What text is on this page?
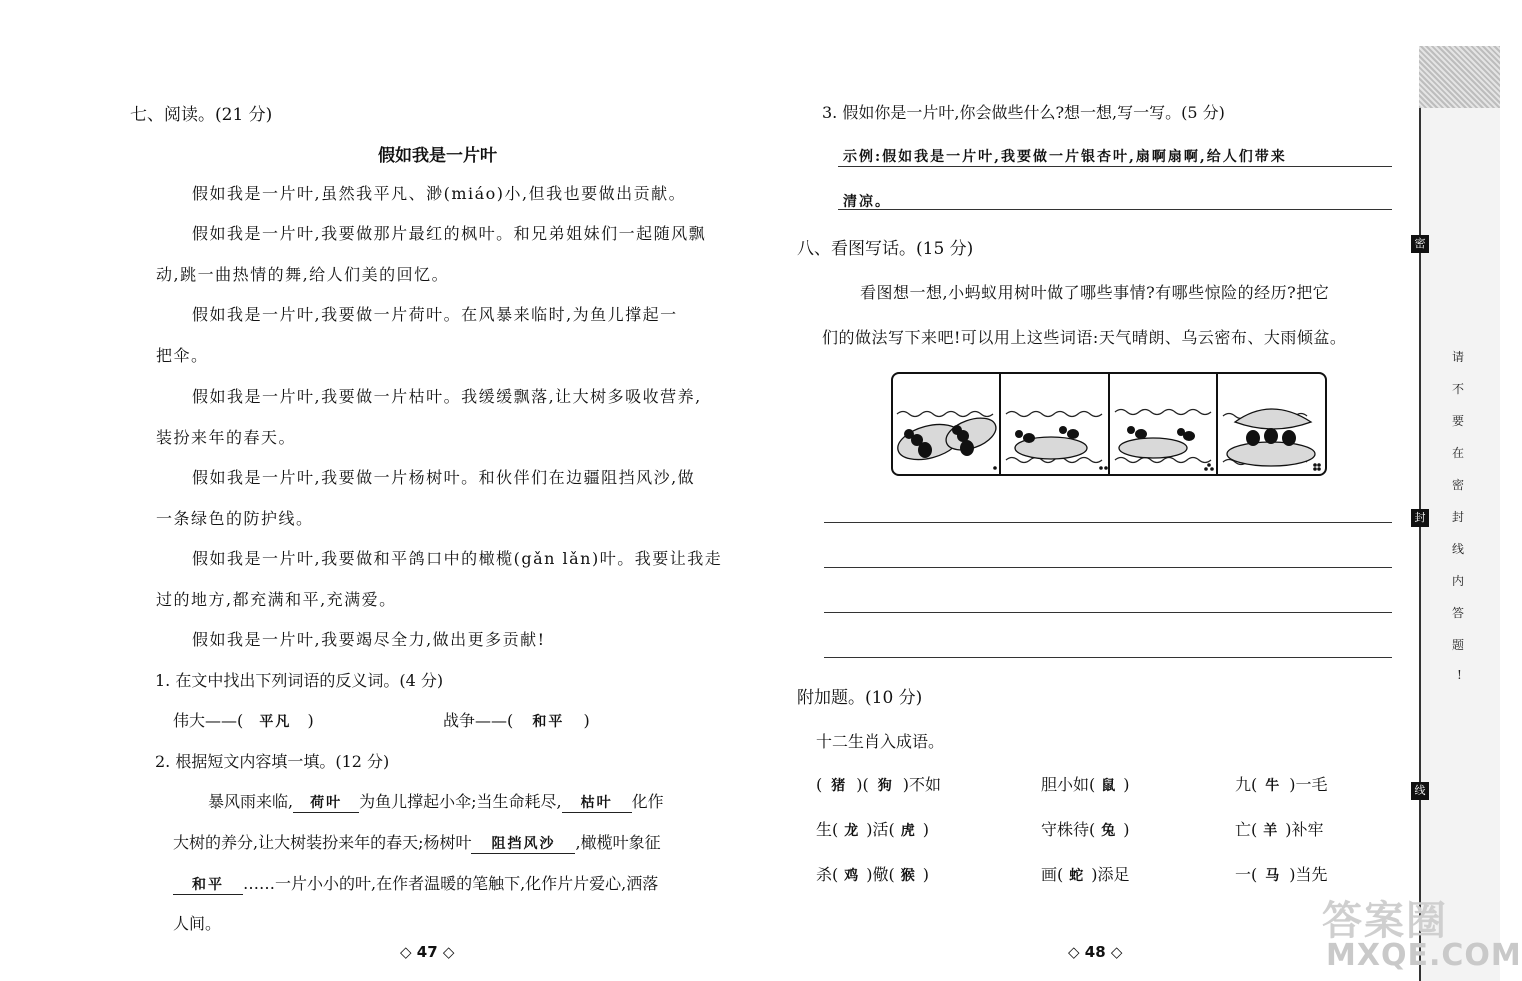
七、阅读。(21 分)
假如我是一片叶
假如我是一片叶,虽然我平凡、渺(miáo)小,但我也要做出贡献。
假如我是一片叶,我要做那片最红的枫叶。和兄弟姐妹们一起随风飘
动,跳一曲热情的舞,给人们美的回忆。
假如我是一片叶,我要做一片荷叶。在风暴来临时,为鱼儿撑起一
把伞。
假如我是一片叶,我要做一片枯叶。我缓缓飘落,让大树多吸收营养,
装扮来年的春天。
假如我是一片叶,我要做一片杨树叶。和伙伴们在边疆阻挡风沙,做
一条绿色的防护线。
假如我是一片叶,我要做和平鸽口中的橄榄(gǎn lǎn)叶。我要让我走
过的地方,都充满和平,充满爱。
假如我是一片叶,我要竭尽全力,做出更多贡献!
1. 在文中找出下列词语的反义词。(4 分)
伟大——( 平凡 )	战争——( 和平 )
2. 根据短文内容填一填。(12 分)
暴风雨来临, 荷叶 为鱼儿撑起小伞;当生命耗尽, 枯叶 化作
大树的养分,让大树装扮来年的春天;杨树叶 阻挡风沙 ,橄榄叶象征
和平 ……一片小小的叶,在作者温暖的笔触下,化作片片爱心,洒落
人间。
◇ 47 ◇
3. 假如你是一片叶,你会做些什么?想一想,写一写。(5 分)
示例:假如我是一片叶,我要做一片银杏叶,扇啊扇啊,给人们带来
清凉。
八、看图写话。(15 分)
看图想一想,小蚂蚁用树叶做了哪些事情?有哪些惊险的经历?把它
们的做法写下来吧!可以用上这些词语:天气晴朗、乌云密布、大雨倾盆。
附加题。(10 分)
十二生肖入成语。
( 猪 )( 狗 )不如	胆小如( 鼠 )	九( 牛 )一毛
生( 龙 )活( 虎 )	守株待( 兔 )	亡( 羊 )补牢
杀( 鸡 )儆( 猴 )	画( 蛇 )添足	一( 马 )当先
◇ 48 ◇
密
封
线
请
不
要
在
密
封
线
内
答
题
!
答案圈
MXQE.COM
